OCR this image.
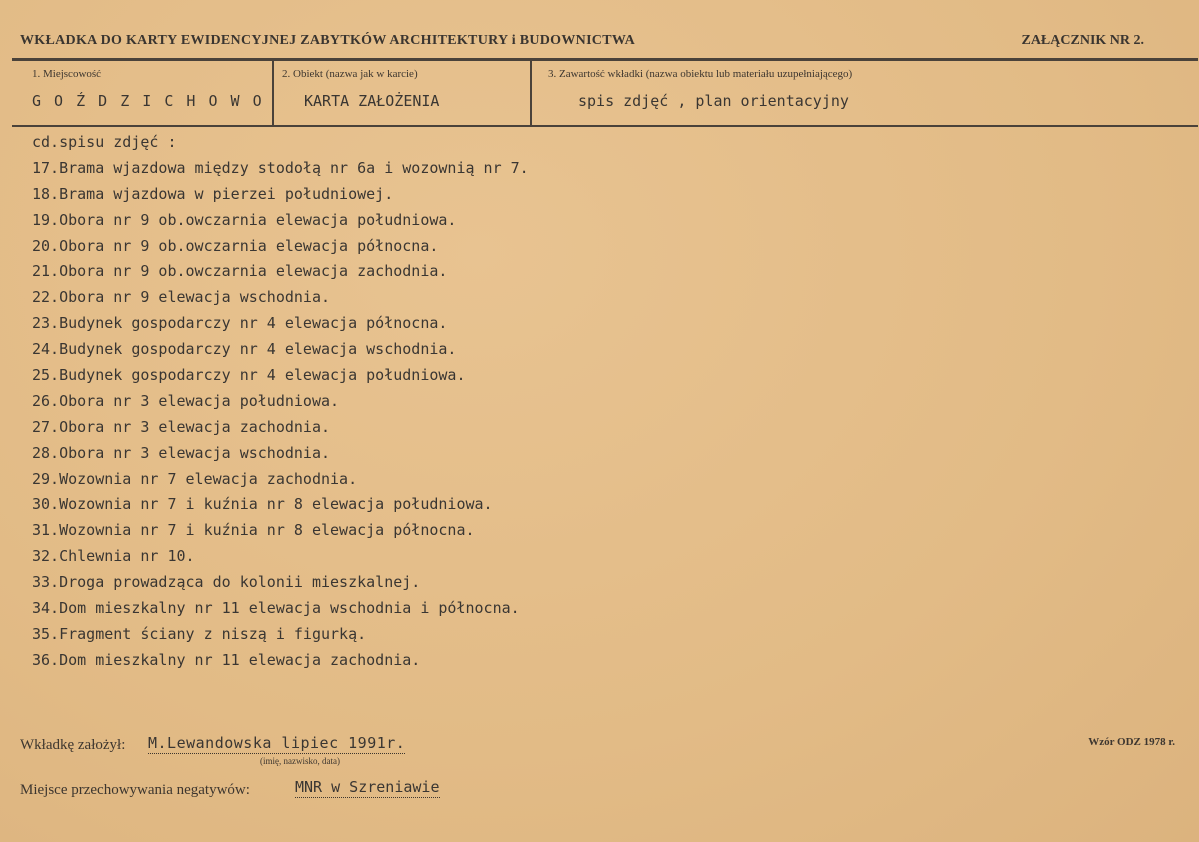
WKŁADKA DO KARTY EWIDENCYJNEJ ZABYTKÓW ARCHITEKTURY i BUDOWNICTWA	ZAŁĄCZNIK NR 2.
1. Miejscowość
G O Ź D Z I C H O W O
2. Obiekt (nazwa jak w karcie)
KARTA ZAŁOŻENIA
3. Zawartość wkładki (nazwa obiektu lub materiału uzupełniającego)
spis zdjęć , plan orientacyjny
cd.spisu zdjęć :
17.Brama wjazdowa między stodołą nr 6a i wozownią nr 7.
18.Brama wjazdowa w pierzei południowej.
19.Obora nr 9 ob.owczarnia elewacja południowa.
20.Obora nr 9 ob.owczarnia elewacja północna.
21.Obora nr 9 ob.owczarnia elewacja zachodnia.
22.Obora nr 9 elewacja wschodnia.
23.Budynek gospodarczy nr 4 elewacja północna.
24.Budynek gospodarczy nr 4 elewacja wschodnia.
25.Budynek gospodarczy nr 4 elewacja południowa.
26.Obora nr 3 elewacja południowa.
27.Obora nr 3 elewacja zachodnia.
28.Obora nr 3 elewacja wschodnia.
29.Wozownia nr 7 elewacja zachodnia.
30.Wozownia nr 7 i kuźnia nr 8 elewacja południowa.
31.Wozownia nr 7 i kuźnia nr 8 elewacja północna.
32.Chlewnia nr 10.
33.Droga prowadząca do kolonii mieszkalnej.
34.Dom mieszkalny nr 11 elewacja wschodnia i północna.
35.Fragment ściany z niszą i figurką.
36.Dom mieszkalny nr 11 elewacja zachodnia.
Wkładkę założył: M.Lewandowska lipiec 1991r.
(imię, nazwisko, data)
Miejsce przechowywania negatywów:	MNR w Szreniawie
Wzór ODZ 1978 r.
